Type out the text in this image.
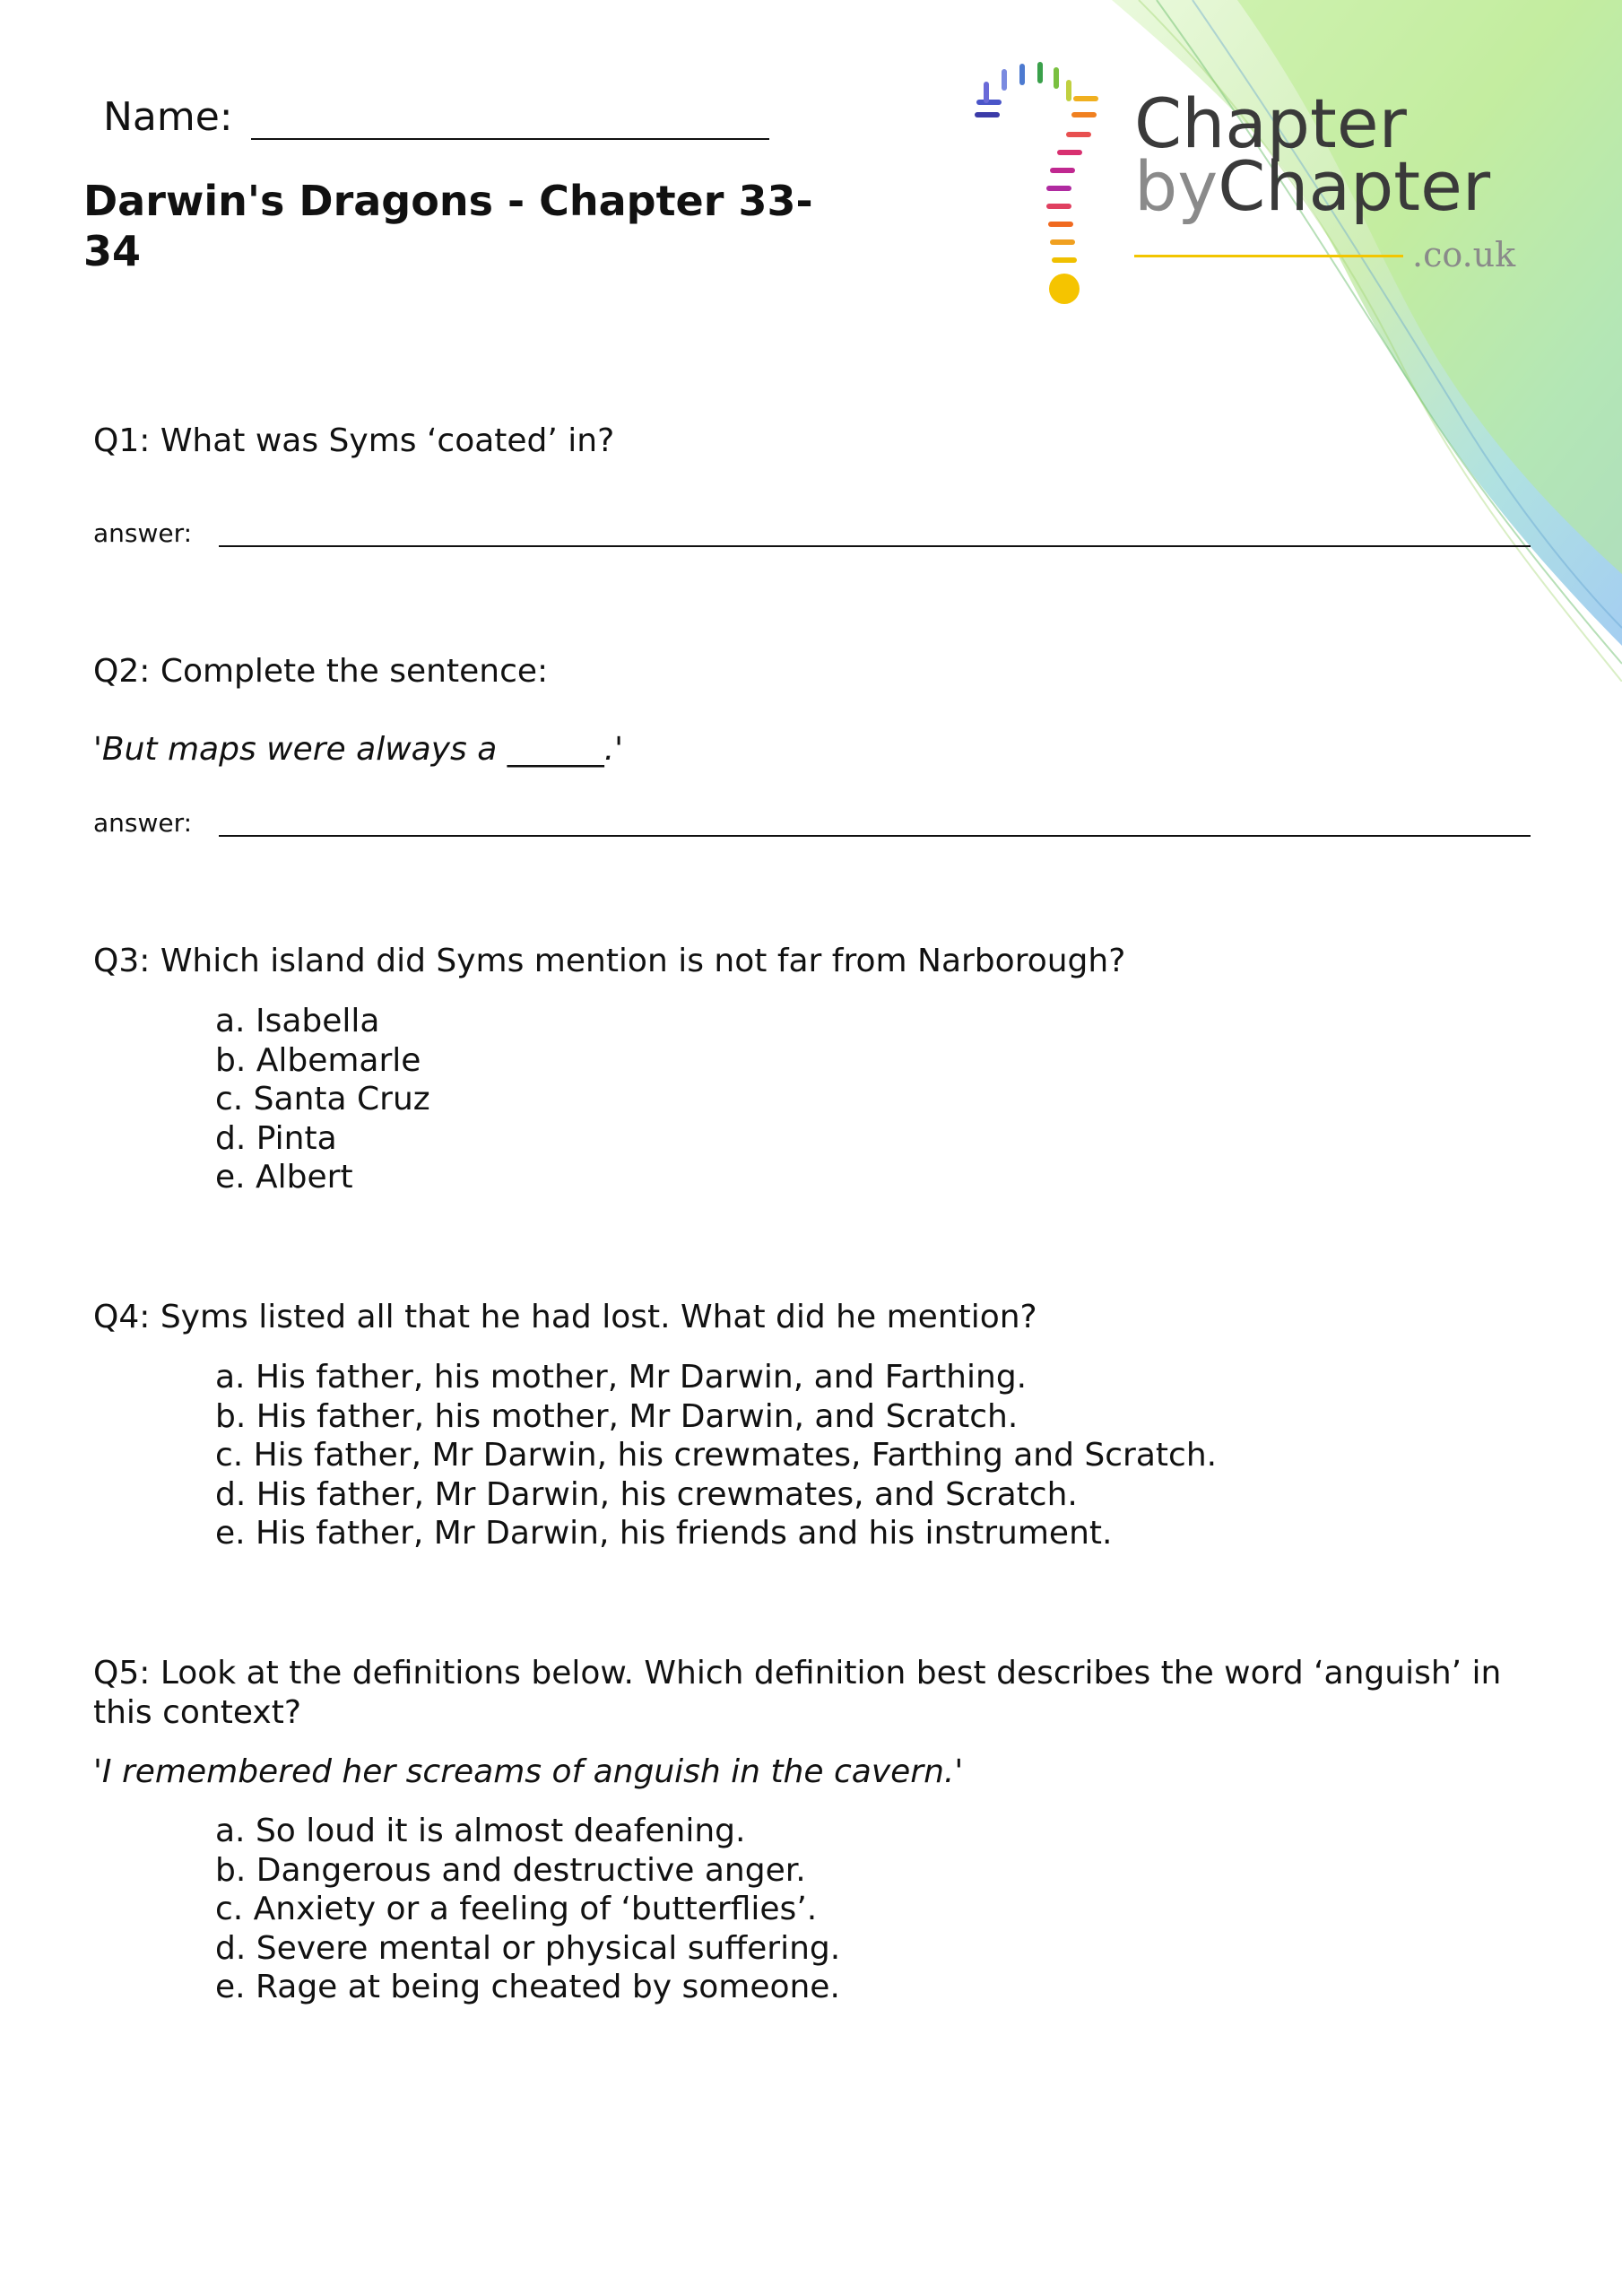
Chapter
byChapter
.co.uk
Name:
Darwin's Dragons - Chapter 33-34
Q1: What was Syms ‘coated’ in?
answer:
Q2: Complete the sentence:
'But maps were always a ______.'
answer:
Q3: Which island did Syms mention is not far from Narborough?
a. Isabella
b. Albemarle
c. Santa Cruz
d. Pinta
e. Albert
Q4: Syms listed all that he had lost. What did he mention?
a. His father, his mother, Mr Darwin, and Farthing.
b. His father, his mother, Mr Darwin, and Scratch.
c. His father, Mr Darwin, his crewmates, Farthing and Scratch.
d. His father, Mr Darwin, his crewmates, and Scratch.
e. His father, Mr Darwin, his friends and his instrument.
Q5: Look at the definitions below. Which definition best describes the word ‘anguish’ in
this context?
'I remembered her screams of anguish in the cavern.'
a. So loud it is almost deafening.
b. Dangerous and destructive anger.
c. Anxiety or a feeling of ‘butterflies’.
d. Severe mental or physical suffering.
e. Rage at being cheated by someone.
